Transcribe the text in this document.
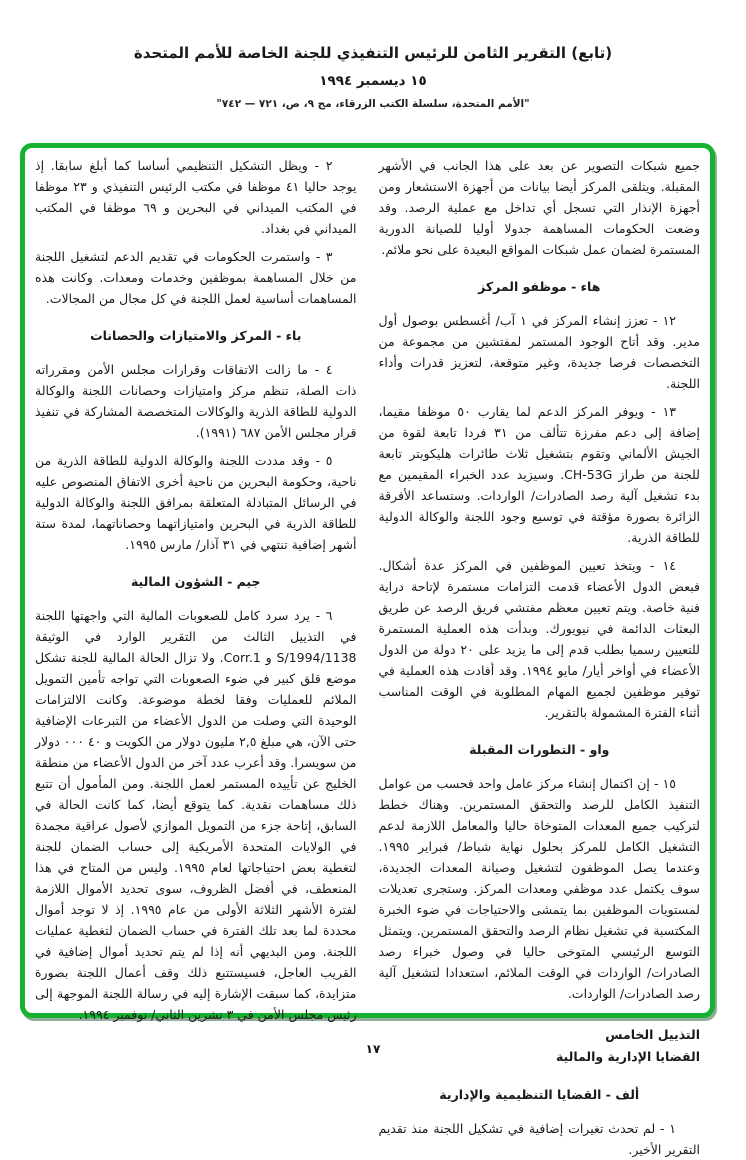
(تابع) التقرير الثامن للرئيس التنفيذي للجنة الخاصة للأمم المتحدة
١٥ ديسمبر ١٩٩٤
"الأمم المتحدة، سلسلة الكتب الزرقاء، مج ٩، ص، ٧٢١ — ٧٤٢"

جميع شبكات التصوير عن بعد على هذا الجانب في الأشهر المقبلة. ويتلقى المركز أيضا بيانات من أجهزة الاستشعار ومن أجهزة الإنذار التي تسجل أي تداخل مع عملية الرصد. وقد وضعت الحكومات المساهمة جدولا أوليا للصيانة الدورية المستمرة لضمان عمل شبكات المواقع البعيدة على نحو ملائم.

هاء - موظفو المركز

١٢ - تعزز إنشاء المركز في ١ آب/ أغسطس بوصول أول مدير. وقد أتاح الوجود المستمر لمفتشين من مجموعة من التخصصات فرصا جديدة، وغير متوقعة، لتعزيز قدرات وأداء اللجنة.

١٣ - ويوفر المركز الدعم لما يقارب ٥٠ موظفا مقيما، إضافة إلى دعم مفرزة تتألف من ٣١ فردا تابعة لقوة من الجيش الألماني وتقوم بتشغيل ثلاث طائرات هليكوبتر تابعة للجنة من طراز CH-53G. وسيزيد عدد الخبراء المقيمين مع بدء تشغيل آلية رصد الصادرات/ الواردات. وستساعد الأفرقة الزائرة بصورة مؤقتة في توسيع وجود اللجنة والوكالة الدولية للطاقة الذرية.

١٤ - ويتخذ تعيين الموظفين في المركز عدة أشكال. فبعض الدول الأعضاء قدمت التزامات مستمرة لإتاحة دراية فنية خاصة. ويتم تعيين معظم مفتشي فريق الرصد عن طريق البعثات الدائمة في نيويورك. وبدأت هذه العملية المستمرة للتعيين رسميا بطلب قدم إلى ما يزيد على ٢٠ دولة من الدول الأعضاء في أواخر أيار/ مايو ١٩٩٤. وقد أفادت هذه العملية في توفير موظفين لجميع المهام المطلوبة في الوقت المناسب أثناء الفترة المشمولة بالتقرير.

واو - التطورات المقبلة

١٥ - إن اكتمال إنشاء مركز عامل واحد فحسب من عوامل التنفيذ الكامل للرصد والتحقق المستمرين. وهناك خطط لتركيب جميع المعدات المتوخاة حاليا والمعامل اللازمة لدعم التشغيل الكامل للمركز بحلول نهاية شباط/ فبراير ١٩٩٥. وعندما يصل الموظفون لتشغيل وصيانة المعدات الجديدة، سوف يكتمل عدد موظفي ومعدات المركز. وستجرى تعديلات لمستويات الموظفين بما يتمشى والاحتياجات في ضوء الخبرة المكتسبة في تشغيل نظام الرصد والتحقق المستمرين. ويتمثل التوسع الرئيسي المتوخى حاليا في وصول خبراء رصد الصادرات/ الواردات في الوقت الملائم، استعدادا لتشغيل آلية رصد الصادرات/ الواردات.

التذييل الخامس
القضايا الإدارية والمالية
ألف - القضايا التنظيمية والإدارية

١ - لم تحدث تغيرات إضافية في تشكيل اللجنة منذ تقديم التقرير الأخير.

٢ - ويظل التشكيل التنظيمي أساسا كما أبلغ سابقا. إذ يوجد حاليا ٤١ موظفا في مكتب الرئيس التنفيذي و ٢٣ موظفا في المكتب الميداني في البحرين و ٦٩ موظفا في المكتب الميداني في بغداد.

٣ - واستمرت الحكومات في تقديم الدعم لتشغيل اللجنة من خلال المساهمة بموظفين وخدمات ومعدات. وكانت هذه المساهمات أساسية لعمل اللجنة في كل مجال من المجالات.

باء - المركز والامتيازات والحصانات

٤ - ما زالت الاتفاقات وقرارات مجلس الأمن ومقرراته ذات الصلة، تنظم مركز وامتيازات وحصانات اللجنة والوكالة الدولية للطاقة الذرية والوكالات المتخصصة المشاركة في تنفيذ قرار مجلس الأمن ٦٨٧ (١٩٩١).

٥ - وقد مددت اللجنة والوكالة الدولية للطاقة الذرية من ناحية، وحكومة البحرين من ناحية أخرى الاتفاق المنصوص عليه في الرسائل المتبادلة المتعلقة بمرافق اللجنة والوكالة الدولية للطاقة الذرية في البحرين وامتيازاتهما وحصاناتهما، لمدة ستة أشهر إضافية تنتهي في ٣١ آذار/ مارس ١٩٩٥.

جيم - الشؤون المالية

٦ - يرد سرد كامل للصعوبات المالية التي واجهتها اللجنة في التذييل الثالث من التقرير الوارد في الوثيقة S/1994/1138 و Corr.1. ولا تزال الحالة المالية للجنة تشكل موضع قلق كبير في ضوء الصعوبات التي تواجه تأمين التمويل الملائم للعمليات وفقا لخطة موضوعة. وكانت الالتزامات الوحيدة التي وصلت من الدول الأعضاء من التبرعات الإضافية حتى الآن، هي مبلغ ٢,٥ مليون دولار من الكويت و ٤٠ ٠٠٠ دولار من سويسرا. وقد أعرب عدد آخر من الدول الأعضاء من منطقة الخليج عن تأييده المستمر لعمل اللجنة. ومن المأمول أن تتبع ذلك مساهمات نقدية. كما يتوقع أيضا، كما كانت الحالة في السابق، إتاحة جزء من التمويل الموازي لأصول عراقية مجمدة في الولايات المتحدة الأمريكية إلى حساب الضمان للجنة لتغطية بعض احتياجاتها لعام ١٩٩٥. وليس من المتاح في هذا المنعطف، في أفضل الظروف، سوى تحديد الأموال اللازمة لفترة الأشهر الثلاثة الأولى من عام ١٩٩٥. إذ لا توجد أموال محددة لما بعد تلك الفترة في حساب الضمان لتغطية عمليات اللجنة. ومن البديهي أنه إذا لم يتم تحديد أموال إضافية في القريب العاجل، فسيستتبع ذلك وقف أعمال اللجنة بصورة متزايدة، كما سبقت الإشارة إليه في رسالة اللجنة الموجهة إلى رئيس مجلس الأمن في ٣ تشرين الثاني/ نوفمبر ١٩٩٤.

١٧
